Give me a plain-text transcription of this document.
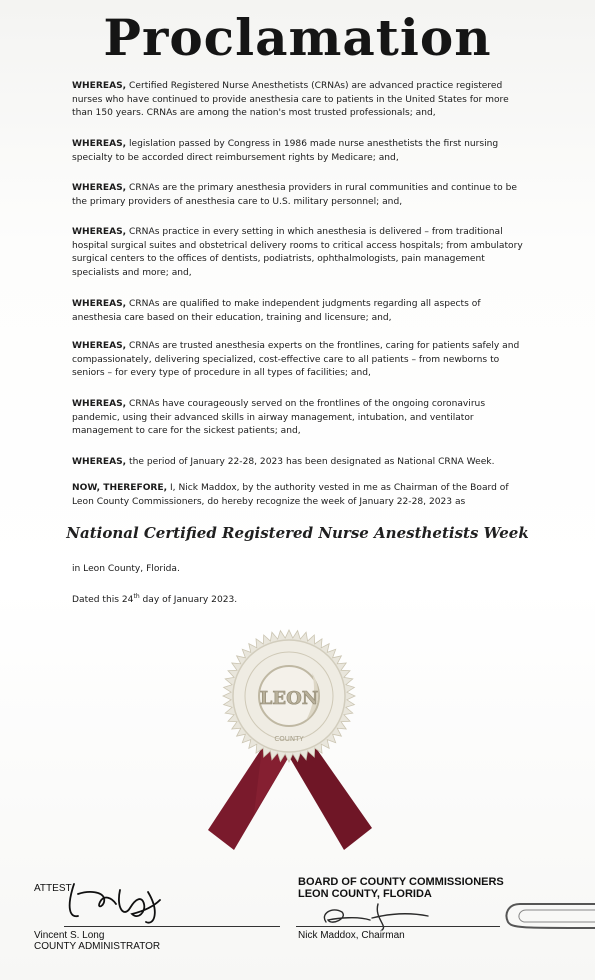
Proclamation

WHEREAS, Certified Registered Nurse Anesthetists (CRNAs) are advanced practice registered nurses who have continued to provide anesthesia care to patients in the United States for more than 150 years. CRNAs are among the nation's most trusted professionals; and,

WHEREAS, legislation passed by Congress in 1986 made nurse anesthetists the first nursing specialty to be accorded direct reimbursement rights by Medicare; and,

WHEREAS, CRNAs are the primary anesthesia providers in rural communities and continue to be the primary providers of anesthesia care to U.S. military personnel; and,

WHEREAS, CRNAs practice in every setting in which anesthesia is delivered – from traditional hospital surgical suites and obstetrical delivery rooms to critical access hospitals; from ambulatory surgical centers to the offices of dentists, podiatrists, ophthalmologists, pain management specialists and more; and,

WHEREAS, CRNAs are qualified to make independent judgments regarding all aspects of anesthesia care based on their education, training and licensure; and,

WHEREAS, CRNAs are trusted anesthesia experts on the frontlines, caring for patients safely and compassionately, delivering specialized, cost-effective care to all patients – from newborns to seniors – for every type of procedure in all types of facilities; and,

WHEREAS, CRNAs have courageously served on the frontlines of the ongoing coronavirus pandemic, using their advanced skills in airway management, intubation, and ventilator management to care for the sickest patients; and,

WHEREAS, the period of January 22-28, 2023 has been designated as National CRNA Week.

NOW, THEREFORE, I, Nick Maddox, by the authority vested in me as Chairman of the Board of Leon County Commissioners, do hereby recognize the week of January 22-28, 2023 as

National Certified Registered Nurse Anesthetists Week

in Leon County, Florida.

Dated this 24th day of January 2023.

LEON
COUNTY
ATTEST
Vincent S. Long
COUNTY ADMINISTRATOR
BOARD OF COUNTY COMMISSIONERS
LEON COUNTY, FLORIDA
Nick Maddox, Chairman
